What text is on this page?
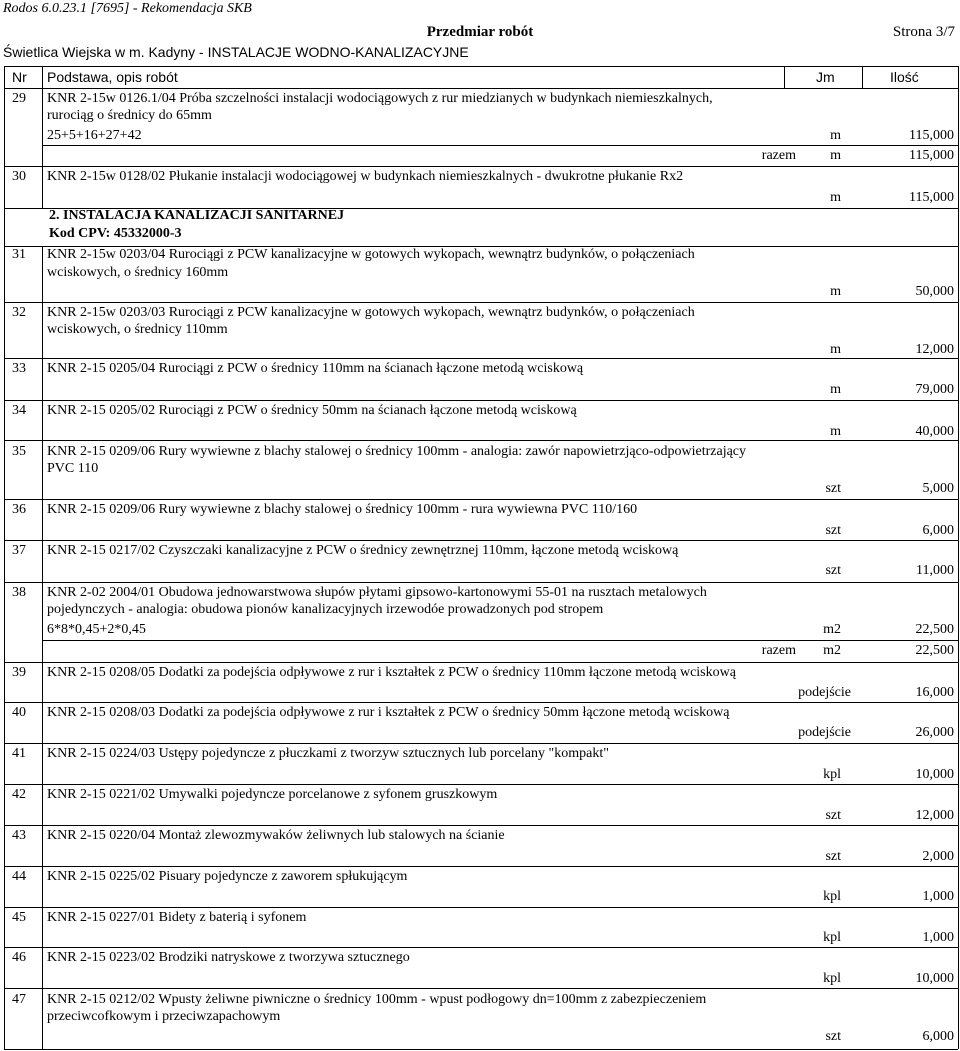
Rodos 6.0.23.1 [7695] - Rekomendacja SKB
Przedmiar robót	Strona 3/7
Świetlica Wiejska w m. Kadyny - INSTALACJE WODNO-KANALIZACYJNE
Nr Podstawa, opis robót	Jm	Ilość
29 KNR 2-15w 0126.1/04 Próba szczelności instalacji wodociągowych z rur miedzianych w budynkach niemieszkalnych,
rurociąg o średnicy do 65mm
25+5+16+27+42	m	115,000
razem m	115,000
30 KNR 2-15w 0128/02 Płukanie instalacji wodociągowej w budynkach niemieszkalnych - dwukrotne płukanie Rx2
m	115,000
31 KNR 2-15w 0203/04 Rurociągi z PCW kanalizacyjne w gotowych wykopach, wewnątrz budynków, o połączeniach
wciskowych, o średnicy 160mm
m	50,000
32 KNR 2-15w 0203/03 Rurociągi z PCW kanalizacyjne w gotowych wykopach, wewnątrz budynków, o połączeniach
wciskowych, o średnicy 110mm
m	12,000
33 KNR 2-15 0205/04 Rurociągi z PCW o średnicy 110mm na ścianach łączone metodą wciskową
m	79,000
34 KNR 2-15 0205/02 Rurociągi z PCW o średnicy 50mm na ścianach łączone metodą wciskową
m	40,000
35 KNR 2-15 0209/06 Rury wywiewne z blachy stalowej o średnicy 100mm - analogia: zawór napowietrzjąco-odpowietrzający
PVC 110
szt	5,000
36 KNR 2-15 0209/06 Rury wywiewne z blachy stalowej o średnicy 100mm - rura wywiewna PVC 110/160
szt	6,000
37 KNR 2-15 0217/02 Czyszczaki kanalizacyjne z PCW o średnicy zewnętrznej 110mm, łączone metodą wciskową
szt	11,000
38 KNR 2-02 2004/01 Obudowa jednowarstwowa słupów płytami gipsowo-kartonowymi 55-01 na rusztach metalowych
pojedynczych - analogia: obudowa pionów kanalizacyjnych irzewodóe prowadzonych pod stropem
6*8*0,45+2*0,45	m2	22,500
razem m2	22,500
39 KNR 2-15 0208/05 Dodatki za podejścia odpływowe z rur i kształtek z PCW o średnicy 110mm łączone metodą wciskową
podejście	16,000
40 KNR 2-15 0208/03 Dodatki za podejścia odpływowe z rur i kształtek z PCW o średnicy 50mm łączone metodą wciskową
podejście	26,000
41 KNR 2-15 0224/03 Ustępy pojedyncze z płuczkami z tworzyw sztucznych lub porcelany "kompakt"
kpl	10,000
42 KNR 2-15 0221/02 Umywalki pojedyncze porcelanowe z syfonem gruszkowym
szt	12,000
43 KNR 2-15 0220/04 Montaż zlewozmywaków żeliwnych lub stalowych na ścianie
szt	2,000
44 KNR 2-15 0225/02 Pisuary pojedyncze z zaworem spłukującym
kpl	1,000
45 KNR 2-15 0227/01 Bidety z baterią i syfonem
kpl	1,000
46 KNR 2-15 0223/02 Brodziki natryskowe z tworzywa sztucznego
kpl	10,000
47 KNR 2-15 0212/02 Wpusty żeliwne piwniczne o średnicy 100mm - wpust podłogowy dn=100mm z zabezpieczeniem
przeciwcofkowym i przeciwzapachowym
szt	6,000
2. INSTALACJA KANALIZACJI SANITARNEJ
Kod CPV: 45332000-3
